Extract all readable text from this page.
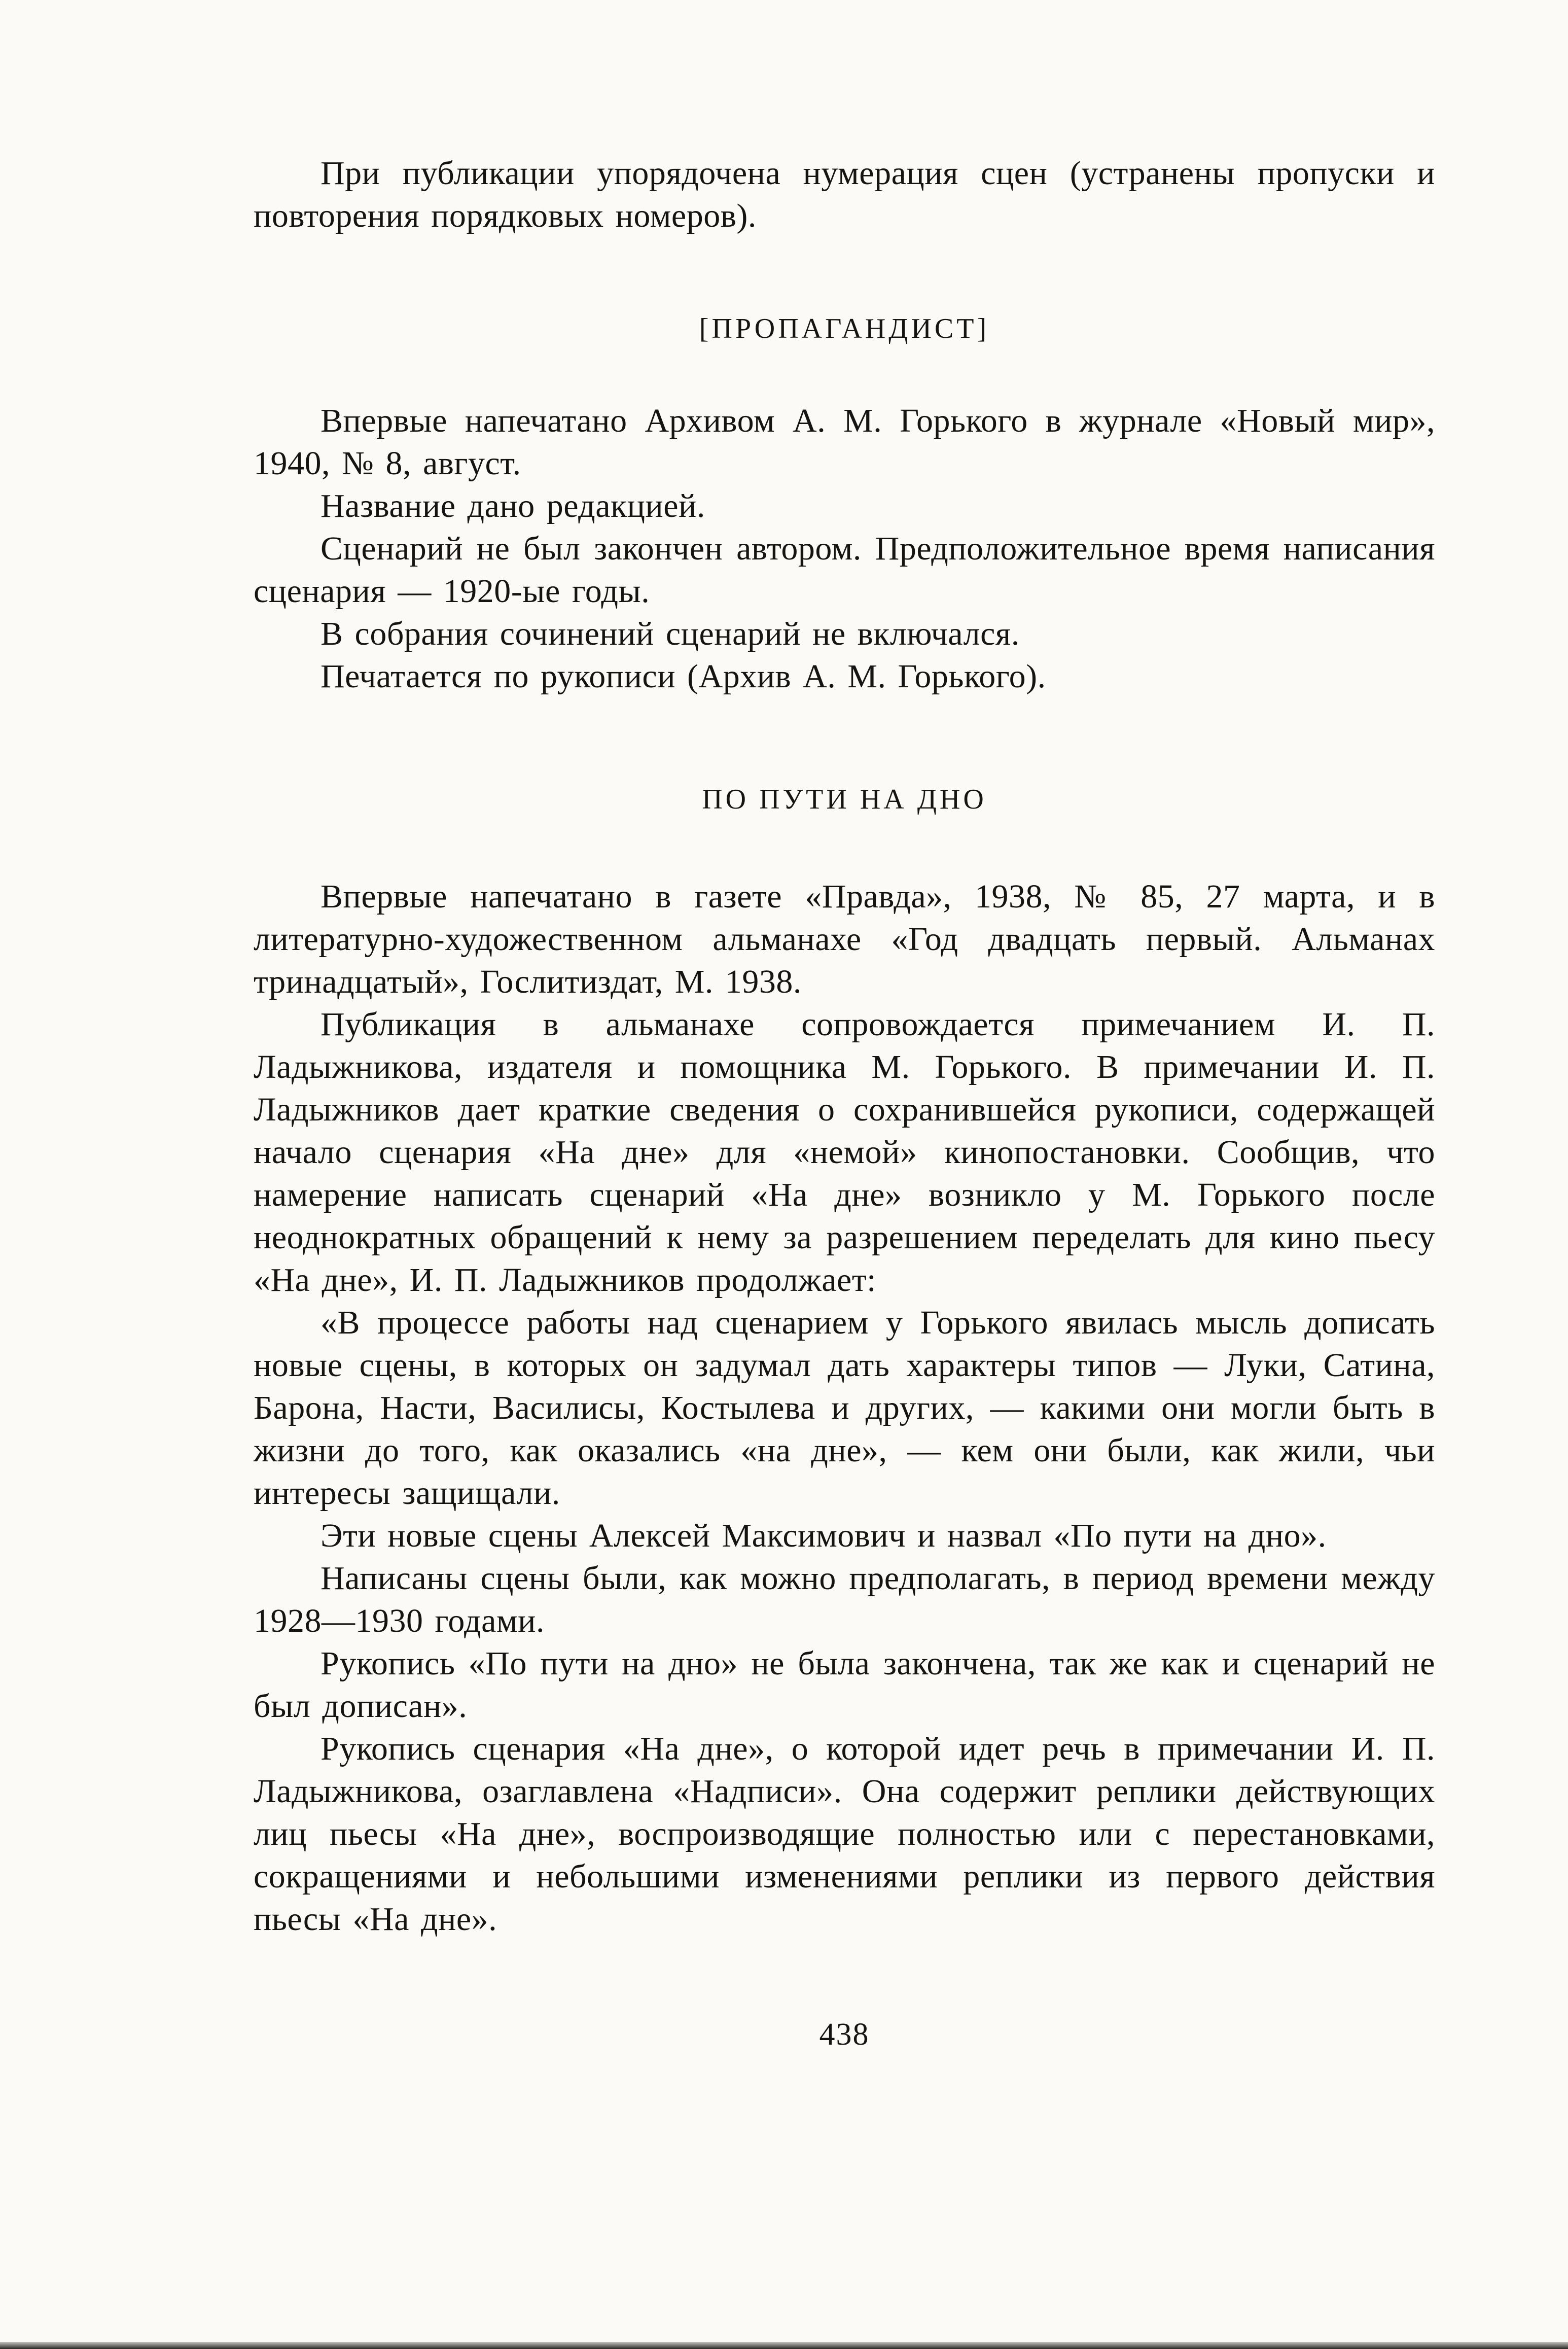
При публикации упорядочена нумерация сцен (устранены пропуски и повторения порядковых номеров).

[ПРОПАГАНДИСТ]

Впервые напечатано Архивом А. М. Горького в журнале «Новый мир», 1940, № 8, август.

Название дано редакцией.

Сценарий не был закончен автором. Предположительное время написания сценария — 1920-ые годы.

В собрания сочинений сценарий не включался.

Печатается по рукописи (Архив А. М. Горького).

ПО ПУТИ НА ДНО

Впервые напечатано в газете «Правда», 1938, № 85, 27 марта, и в литературно-художественном альманахе «Год двадцать первый. Альманах тринадцатый», Гослитиздат, М. 1938.

Публикация в альманахе сопровождается примечанием И. П. Ладыжникова, издателя и помощника М. Горького. В примечании И. П. Ладыжников дает краткие сведения о сохранившейся рукописи, содержащей начало сценария «На дне» для «немой» кинопостановки. Сообщив, что намерение написать сценарий «На дне» возникло у М. Горького после неоднократных обращений к нему за разрешением переделать для кино пьесу «На дне», И. П. Ладыжников продолжает:

«В процессе работы над сценарием у Горького явилась мысль дописать новые сцены, в которых он задумал дать характеры типов — Луки, Сатина, Барона, Насти, Василисы, Костылева и других, — какими они могли быть в жизни до того, как оказались «на дне», — кем они были, как жили, чьи интересы защищали.

Эти новые сцены Алексей Максимович и назвал «По пути на дно».

Написаны сцены были, как можно предполагать, в период времени между 1928—1930 годами.

Рукопись «По пути на дно» не была закончена, так же как и сценарий не был дописан».

Рукопись сценария «На дне», о которой идет речь в примечании И. П. Ладыжникова, озаглавлена «Надписи». Она содержит реплики действующих лиц пьесы «На дне», воспроизводящие полностью или с перестановками, сокращениями и небольшими изменениями реплики из первого действия пьесы «На дне».

438
